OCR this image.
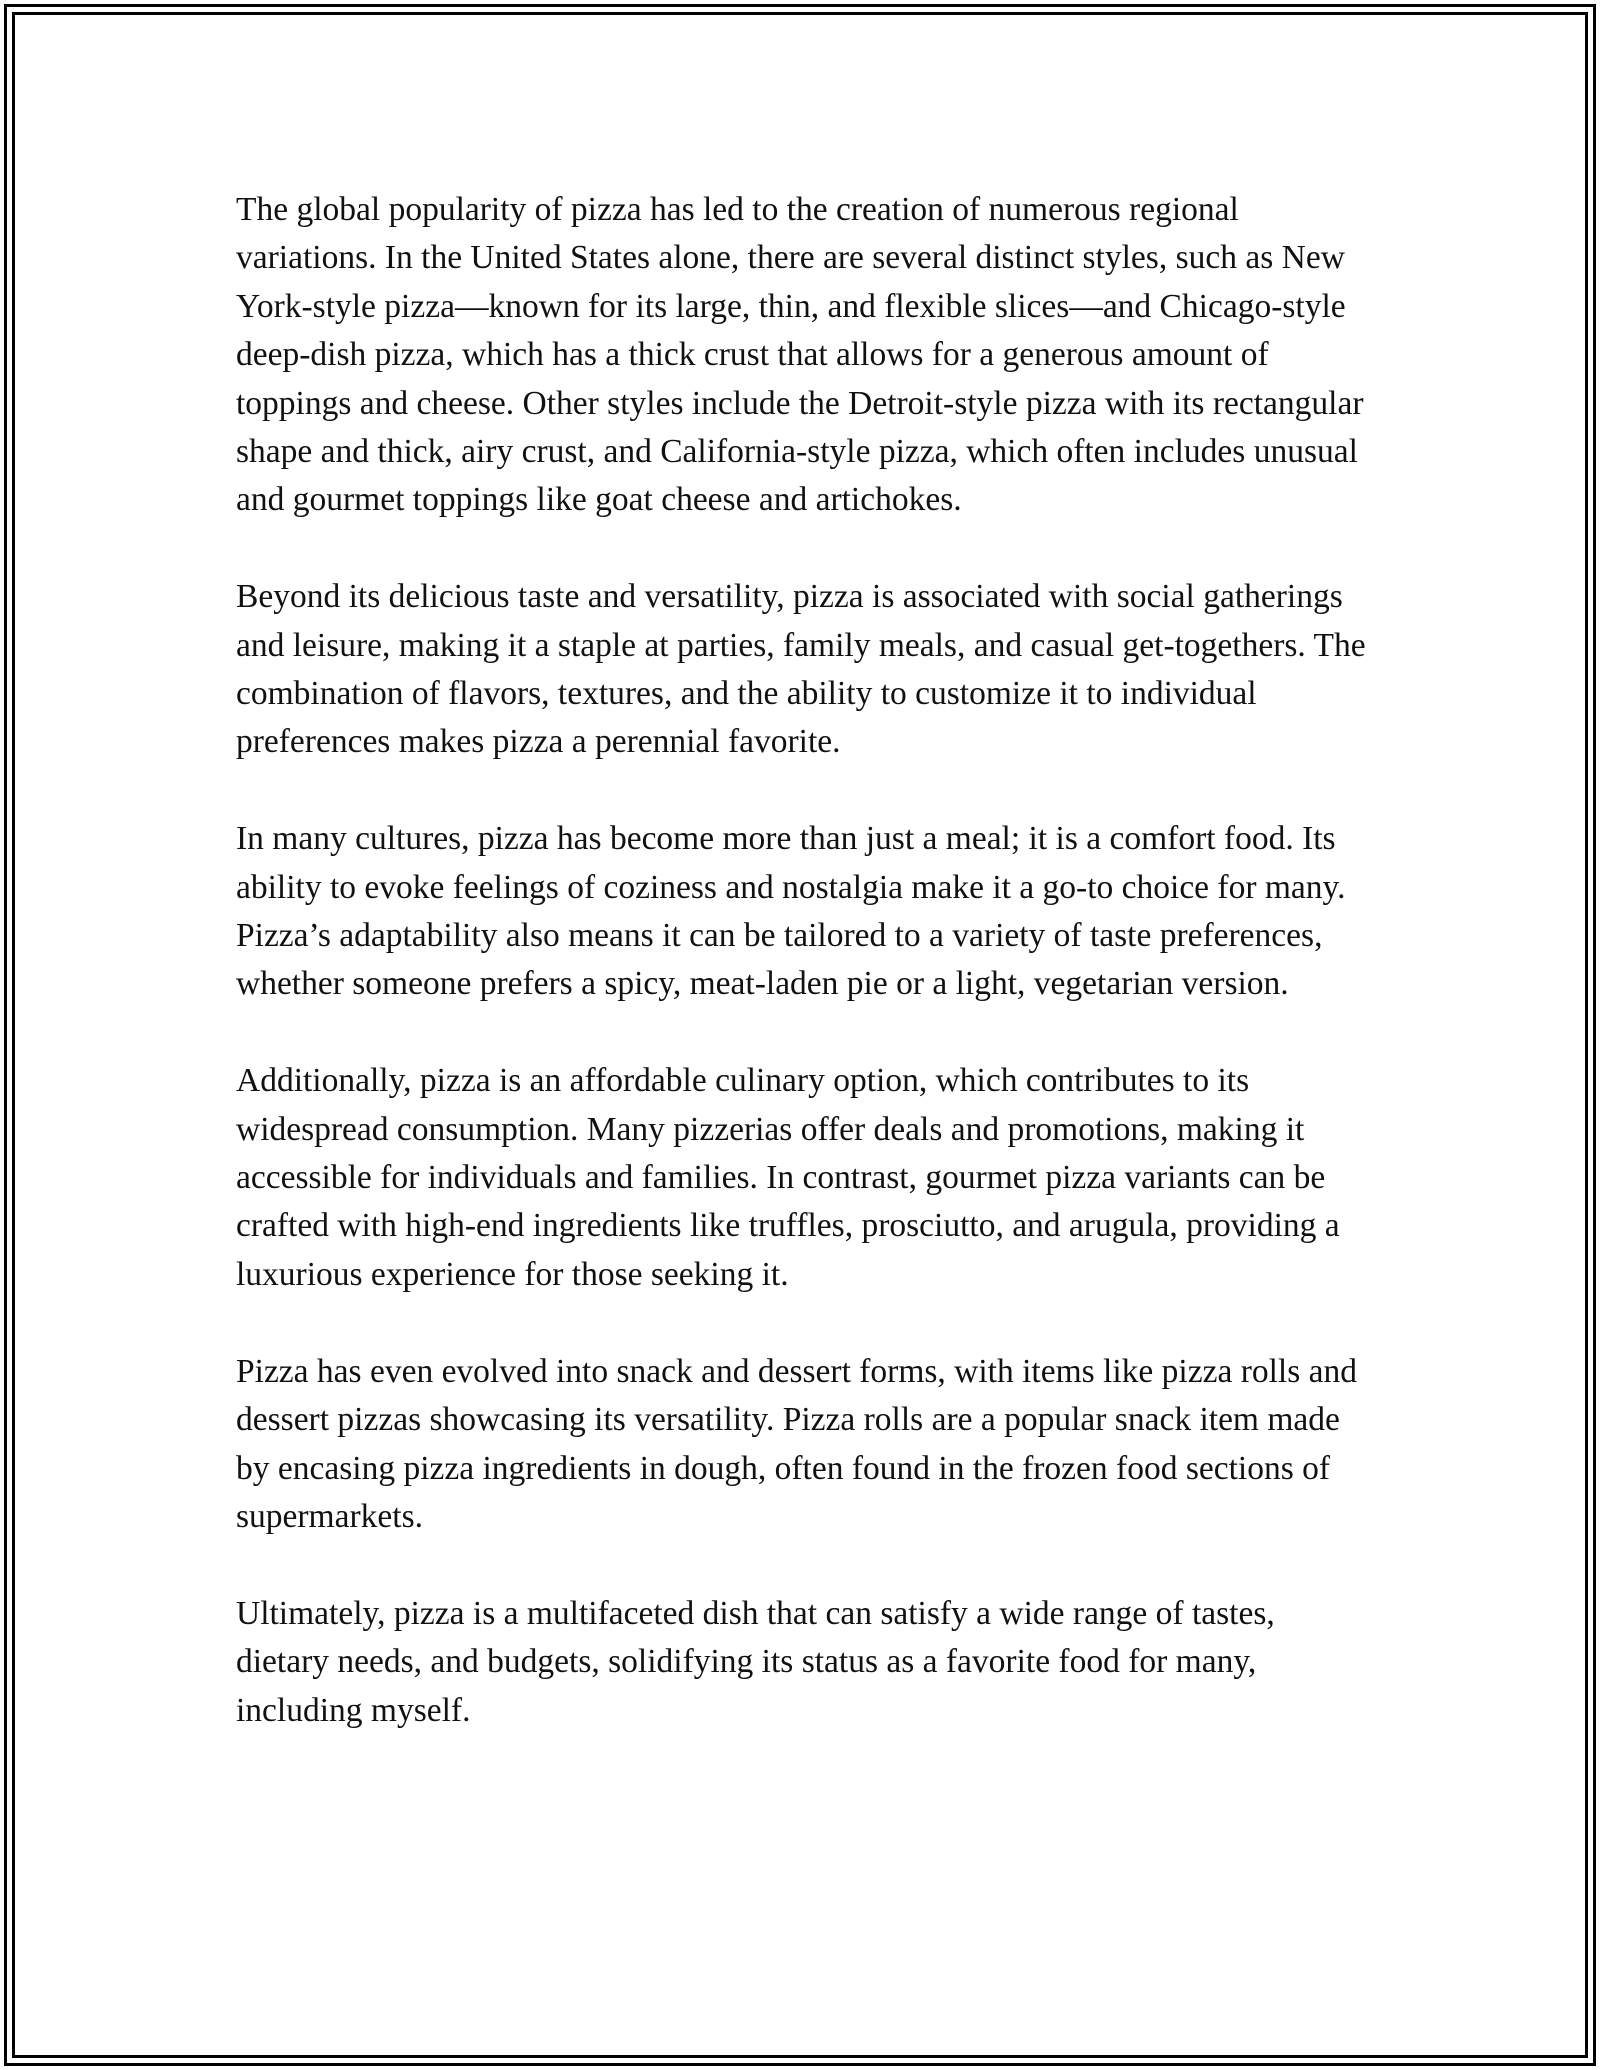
The global popularity of pizza has led to the creation of numerous regional variations. In the United States alone, there are several distinct styles, such as New York-style pizza—known for its large, thin, and flexible slices—and Chicago-style deep-dish pizza, which has a thick crust that allows for a generous amount of toppings and cheese. Other styles include the Detroit-style pizza with its rectangular shape and thick, airy crust, and California-style pizza, which often includes unusual and gourmet toppings like goat cheese and artichokes.

Beyond its delicious taste and versatility, pizza is associated with social gatherings and leisure, making it a staple at parties, family meals, and casual get-togethers. The combination of flavors, textures, and the ability to customize it to individual preferences makes pizza a perennial favorite.

In many cultures, pizza has become more than just a meal; it is a comfort food. Its ability to evoke feelings of coziness and nostalgia make it a go-to choice for many. Pizza’s adaptability also means it can be tailored to a variety of taste preferences, whether someone prefers a spicy, meat-laden pie or a light, vegetarian version.

Additionally, pizza is an affordable culinary option, which contributes to its widespread consumption. Many pizzerias offer deals and promotions, making it accessible for individuals and families. In contrast, gourmet pizza variants can be crafted with high-end ingredients like truffles, prosciutto, and arugula, providing a luxurious experience for those seeking it.

Pizza has even evolved into snack and dessert forms, with items like pizza rolls and dessert pizzas showcasing its versatility. Pizza rolls are a popular snack item made by encasing pizza ingredients in dough, often found in the frozen food sections of supermarkets.

Ultimately, pizza is a multifaceted dish that can satisfy a wide range of tastes, dietary needs, and budgets, solidifying its status as a favorite food for many, including myself.
